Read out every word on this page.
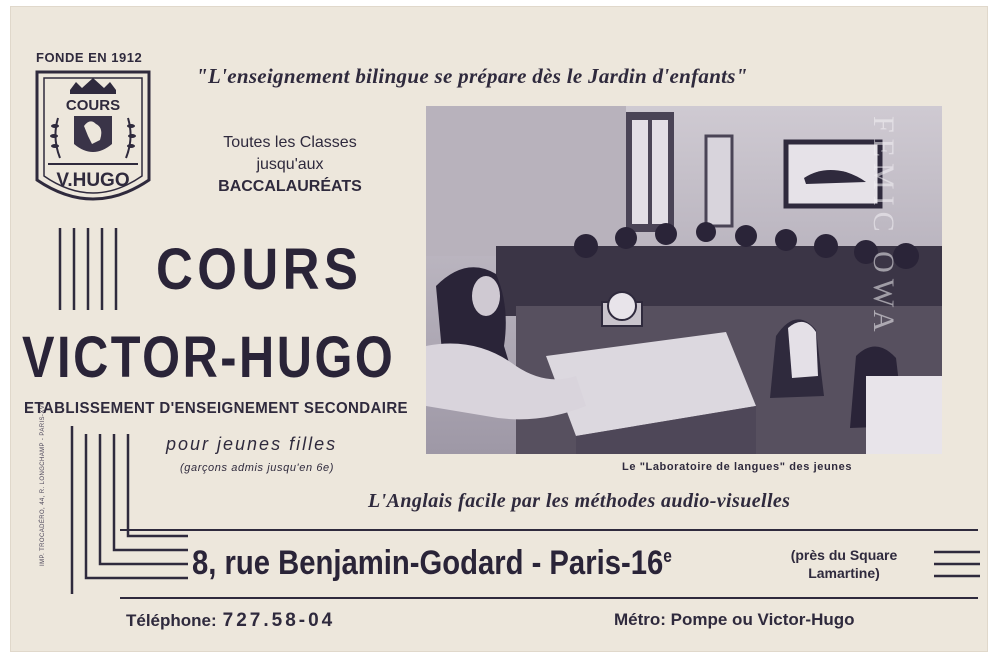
FONDE EN 1912
COURS
V.HUGO
"L'enseignement bilingue se prépare dès le Jardin d'enfants"
Toutes les Classes
jusqu'aux
BACCALAURÉATS
COURS
VICTOR-HUGO
ETABLISSEMENT D'ENSEIGNEMENT SECONDAIRE
pour jeunes filles
(garçons admis jusqu'en 6e)
IMP. TROCADÉRO, 44, R. LONGCHAMP - PARIS-XVI
FEMIC OWA
Le "Laboratoire de langues" des jeunes
L'Anglais facile par les méthodes audio-visuelles
8, rue Benjamin-Godard - Paris-16e	(près du Square
Lamartine)
Téléphone: 727.58-04	Métro: Pompe ou Victor-Hugo
